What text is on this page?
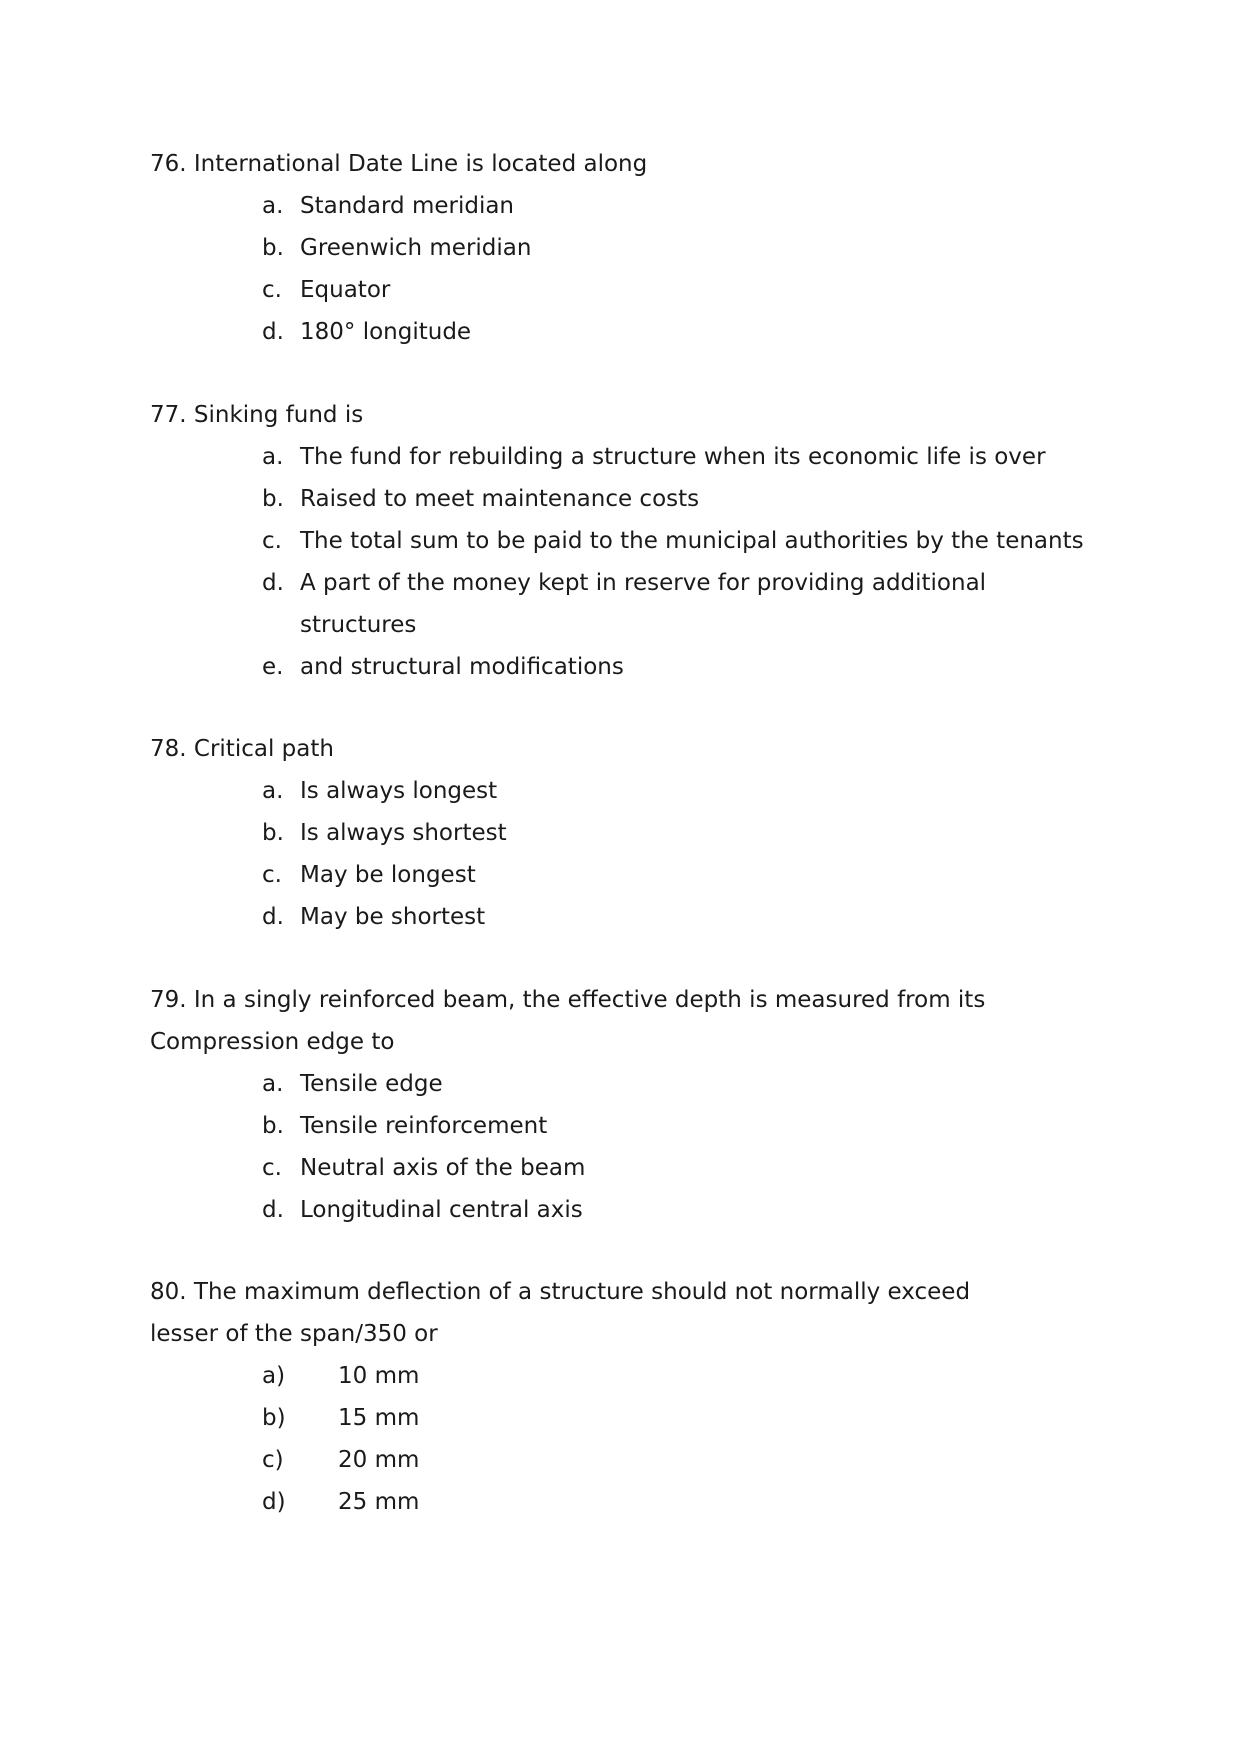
76. International Date Line is located along
a. Standard meridian
b. Greenwich meridian
c. Equator
d. 180° longitude
77. Sinking fund is
a. The fund for rebuilding a structure when its economic life is over
b. Raised to meet maintenance costs
c. The total sum to be paid to the municipal authorities by the tenants
d. A part of the money kept in reserve for providing additional
structures
e. and structural modifications
78. Critical path
a. Is always longest
b. Is always shortest
c. May be longest
d. May be shortest
79. In a singly reinforced beam, the effective depth is measured from its
Compression edge to
a. Tensile edge
b. Tensile reinforcement
c. Neutral axis of the beam
d. Longitudinal central axis
80. The maximum deflection of a structure should not normally exceed
lesser of the span/350 or
a) 10 mm
b) 15 mm
c) 20 mm
d) 25 mm
